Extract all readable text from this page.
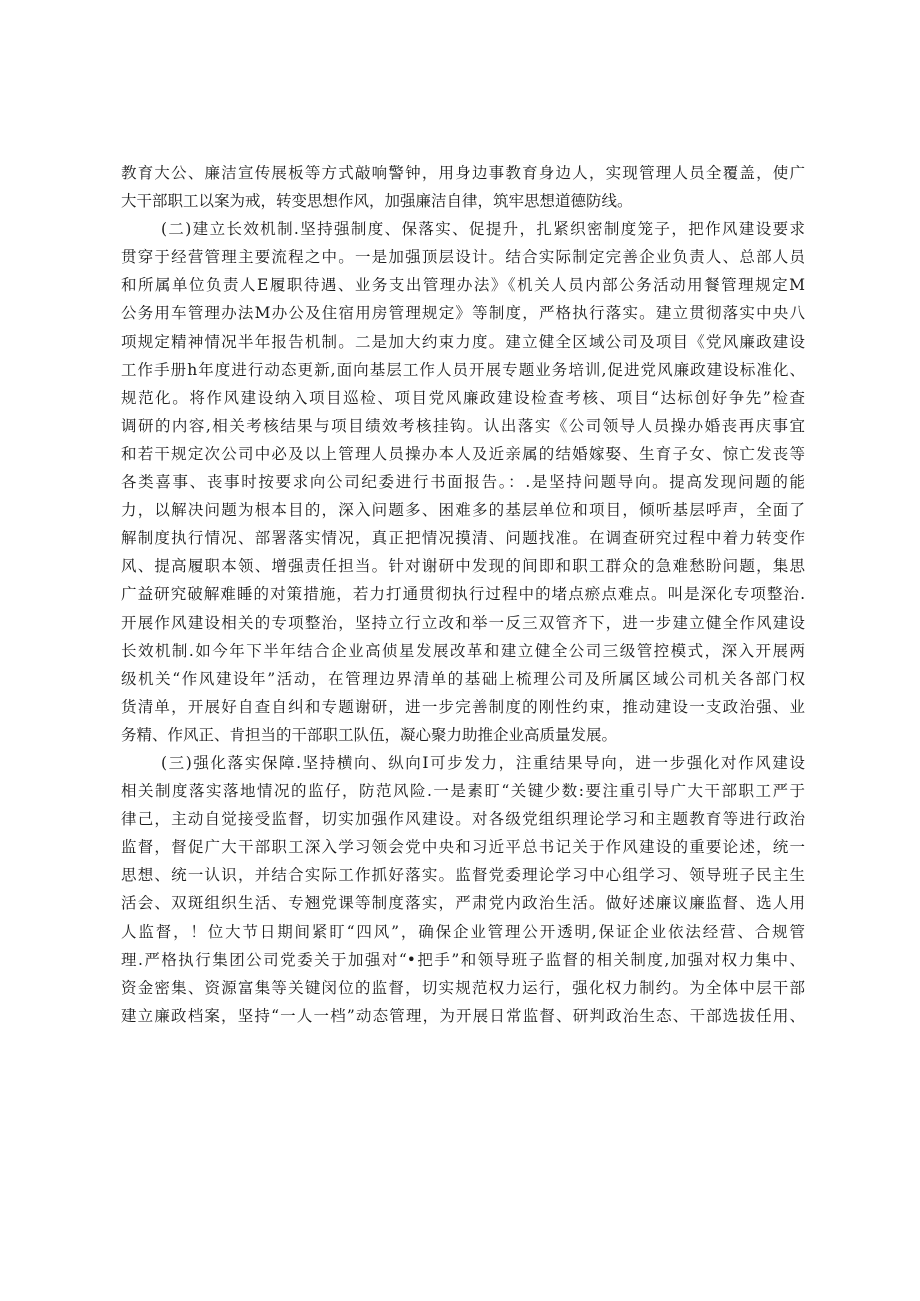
教育大公、廉洁宣传展板等方式敲响警钟，用身边事教育身边人，实现管理人员全覆盖，使广
大干部职工以案为戒，转变思想作风，加强廉洁自律，筑牢思想道德防线。
(二)建立长效机制.坚持强制度、保落实、促提升，扎紧织密制度笼子，把作风建设要求
贯穿于经营管理主要流程之中。一是加强顶层设计。结合实际制定完善企业负责人、总部人员
和所属单位负责人E履职待遇、业务支出管理办法》《机关人员内部公务活动用餐管理规定M
公务用车管理办法M办公及住宿用房管理规定》等制度，严格执行落实。建立贯彻落实中央八
项规定精神情况半年报告机制。二是加大约束力度。建立健全区域公司及项目《党风廉政建设
工作手册h年度进行动态更新,面向基层工作人员开展专题业务培训,促进党风廉政建设标准化、
规范化。将作风建设纳入项目巡检、项目党风廉政建设检查考核、项目“达标创好争先”检查
调研的内容,相关考核结果与项目绩效考核挂钩。认出落实《公司领导人员操办婚丧再庆事宜
和若干规定次公司中必及以上管理人员操办本人及近亲属的结婚嫁娶、生育子女、惊亡发丧等
各类喜事、丧事时按要求向公司纪委进行书面报告。：.是坚持问题导向。提高发现问题的能
力，以解决问题为根本目的，深入问题多、困难多的基层单位和项目，倾听基层呼声，全面了
解制度执行情况、部署落实情况，真正把情况摸清、问题找准。在调查研究过程中着力转变作
风、提高履职本领、增强责任担当。针对谢研中发现的间即和职工群众的急难愁盼问题，集思
广益研究破解难睡的对策措施，若力打通贯彻执行过程中的堵点瘀点难点。叫是深化专项整治.
开展作风建设相关的专项整治，坚持立行立改和举一反三双管齐下，进一步建立健全作风建设
长效机制.如今年下半年结合企业高侦星发展改革和建立健全公司三级管控模式，深入开展两
级机关“作风建设年”活动，在管理边界清单的基础上梳理公司及所属区域公司机关各部门权
货清单，开展好自查自纠和专题谢研，进一步完善制度的刚性约束，推动建设一支政治强、业
务精、作风正、肯担当的干部职工队伍，凝心聚力助推企业高质量发展。
(三)强化落实保障.坚持横向、纵向I可步发力，注重结果导向，进一步强化对作风建设
相关制度落实落地情况的监仔，防范风险.一是素盯“关键少数:要注重引导广大干部职工严于
律己，主动自觉接受监督，切实加强作风建设。对各级党组织理论学习和主题教育等进行政治
监督，督促广大干部职工深入学习领会党中央和习近平总书记关于作风建设的重要论述，统一
思想、统一认识，并结合实际工作抓好落实。监督党委理论学习中心组学习、领导班子民主生
活会、双斑组织生活、专翘党课等制度落实，严肃党内政治生活。做好述廉议廉监督、选人用
人监督，！位大节日期间紧盯“四风”，确保企业管理公开透明,保证企业依法经营、合规管
理.严格执行集团公司党委关于加强对“•把手”和领导班子监督的相关制度,加强对权力集中、
资金密集、资源富集等关键闵位的监督，切实规范权力运行，强化权力制约。为全体中层干部
建立廉政档案，坚持“一人一档”动态管理，为开展日常监督、研判政治生态、干部选拔任用、
